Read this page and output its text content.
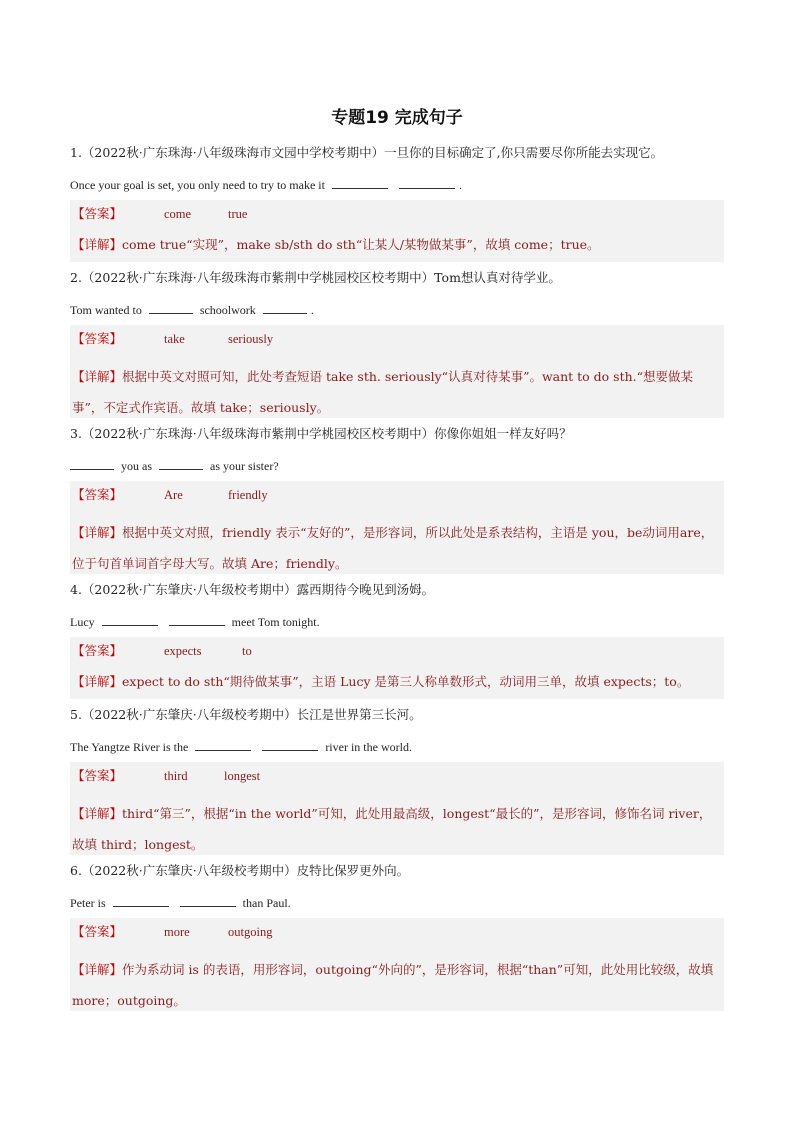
专题19 完成句子
1.（2022秋·广东珠海·八年级珠海市文园中学校考期中）一旦你的目标确定了,你只需要尽你所能去实现它。
Once your goal is set, you only need to try to make it	.
【答案】	come	true
【详解】come true“实现”，make sb/sth do sth“让某人/某物做某事”，故填 come；true。
2.（2022秋·广东珠海·八年级珠海市紫荆中学桃园校区校考期中）Tom想认真对待学业。
Tom wanted to	schoolwork	.
【答案】	take	seriously
【详解】根据中英文对照可知，此处考查短语 take sth. seriously“认真对待某事”。want to do sth.“想要做某事”，不定式作宾语。故填 take；seriously。
3.（2022秋·广东珠海·八年级珠海市紫荆中学桃园校区校考期中）你像你姐姐一样友好吗？
you as	as your sister?
【答案】	Are	friendly
【详解】根据中英文对照，friendly 表示“友好的”，是形容词，所以此处是系表结构，主语是 you，be动词用are，位于句首单词首字母大写。故填 Are；friendly。
4.（2022秋·广东肇庆·八年级校考期中）露西期待今晚见到汤姆。
Lucy	meet Tom tonight.
【答案】	expects	to
【详解】expect to do sth“期待做某事”，主语 Lucy 是第三人称单数形式，动词用三单，故填 expects；to。
5.（2022秋·广东肇庆·八年级校考期中）长江是世界第三长河。
The Yangtze River is the	river in the world.
【答案】	third	longest
【详解】third“第三”，根据“in the world”可知，此处用最高级，longest“最长的”，是形容词，修饰名词 river，故填 third；longest。
6.（2022秋·广东肇庆·八年级校考期中）皮特比保罗更外向。
Peter is	than Paul.
【答案】	more	outgoing
【详解】作为系动词 is 的表语，用形容词，outgoing“外向的”，是形容词，根据“than”可知，此处用比较级，故填 more；outgoing。
